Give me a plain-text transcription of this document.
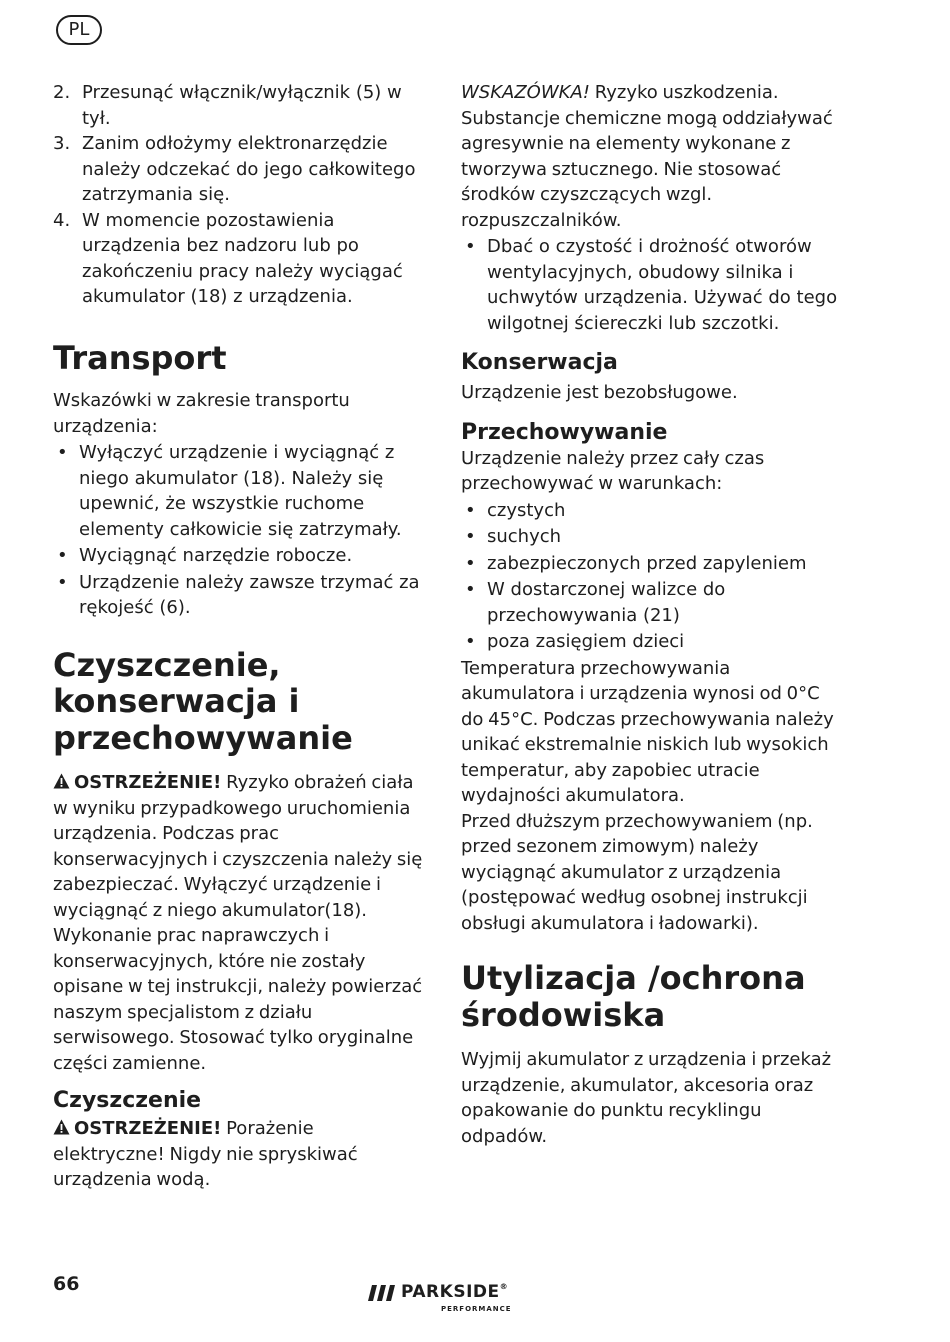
PL
2. Przesunąć włącznik/wyłącznik (5) w tył.
3. Zanim odłożymy elektronarzędzie należy odczekać do jego całkowitego zatrzymania się.
4. W momencie pozostawienia urządzenia bez nadzoru lub po zakończeniu pracy należy wyciągać akumulator (18) z urządzenia.
Transport

Wskazówki w zakresie transportu urządzenia:

• Wyłączyć urządzenie i wyciągnąć z niego akumulator (18). Należy się upewnić, że wszystkie ruchome elementy całkowicie się zatrzymały.
• Wyciągnąć narzędzie robocze.
• Urządzenie należy zawsze trzymać za rękojeść (6).
Czyszczenie,
konserwacja i
przechowywanie

OSTRZEŻENIE! Ryzyko obrażeń ciała w wyniku przypadkowego uruchomienia urządzenia. Podczas prac konserwacyjnych i czyszczenia należy się zabezpieczać. Wyłączyć urządzenie i wyciągnąć z niego akumulator(18).

Wykonanie prac naprawczych i konserwacyjnych, które nie zostały opisane w tej instrukcji, należy powierzać naszym specjalistom z działu serwisowego. Stosować tylko oryginalne części zamienne.

Czyszczenie

OSTRZEŻENIE! Porażenie elektryczne! Nigdy nie spryskiwać urządzenia wodą.

WSKAZÓWKA! Ryzyko uszkodzenia. Substancje chemiczne mogą oddziaływać agresywnie na elementy wykonane z tworzywa sztucznego. Nie stosować środków czyszczących wzgl. rozpuszczalników.

• Dbać o czystość i drożność otworów wentylacyjnych, obudowy silnika i uchwytów urządzenia. Używać do tego wilgotnej ściereczki lub szczotki.
Konserwacja

Urządzenie jest bezobsługowe.

Przechowywanie

Urządzenie należy przez cały czas przechowywać w warunkach:

• czystych
• suchych
• zabezpieczonych przed zapyleniem
• W dostarczonej walizce do przechowywania (21)
• poza zasięgiem dzieci

Temperatura przechowywania akumulatora i urządzenia wynosi od 0°C do 45°C. Podczas przechowywania należy unikać ekstremalnie niskich lub wysokich temperatur, aby zapobiec utracie wydajności akumulatora.

Przed dłuższym przechowywaniem (np. przed sezonem zimowym) należy wyciągnąć akumulator z urządzenia (postępować według osobnej instrukcji obsługi akumulatora i ładowarki).

Utylizacja /ochrona
środowiska

Wyjmij akumulator z urządzenia i przekaż urządzenie, akumulator, akcesoria oraz opakowanie do punktu recyklingu odpadów.

66	PARKSIDE®
PERFORMANCE
